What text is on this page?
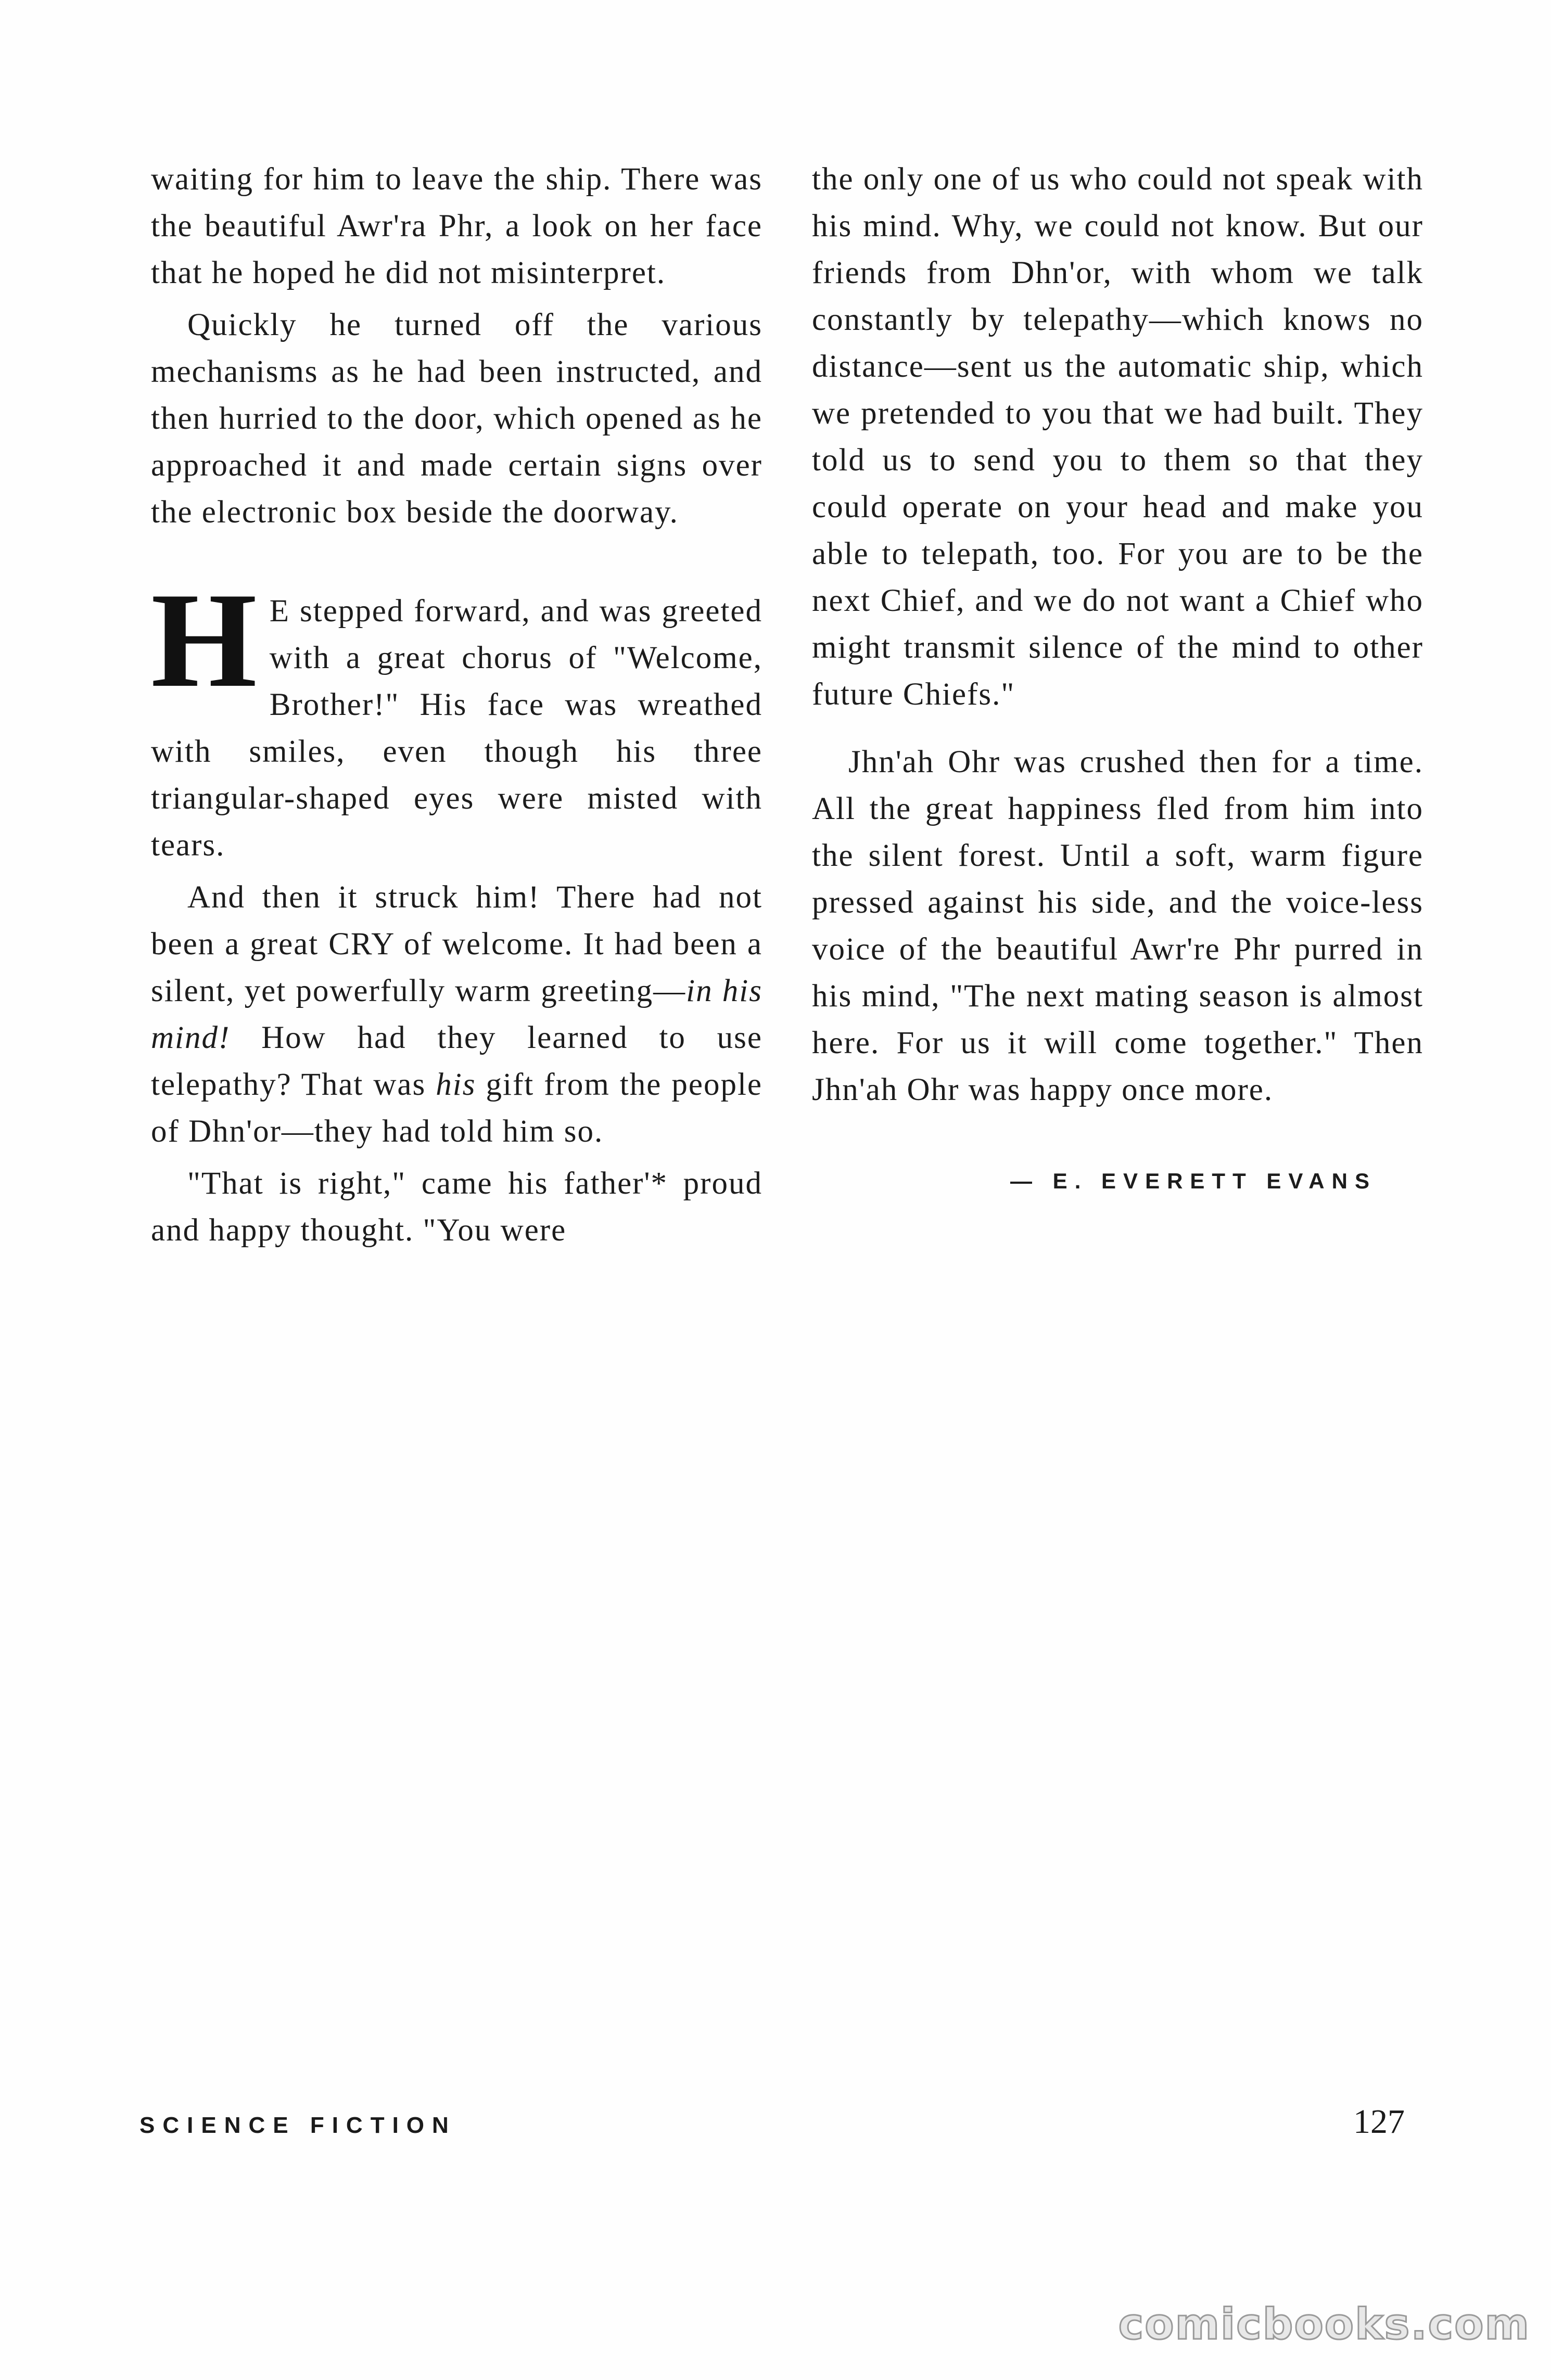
waiting for him to leave the ship. There was the beautiful Awr'ra Phr, a look on her face that he hoped he did not misinterpret.

Quickly he turned off the various mechanisms as he had been instructed, and then hurried to the door, which opened as he approached it and made certain signs over the electronic box beside the doorway.

H E stepped forward, and was greeted with a great chorus of "Welcome, Brother!" His face was wreathed with smiles, even though his three triangular-shaped eyes were misted with tears.

And then it struck him! There had not been a great CRY of welcome. It had been a silent, yet powerfully warm greeting—in his mind! How had they learned to use telepathy? That was his gift from the people of Dhn'or—they had told him so.

"That is right," came his father'* proud and happy thought. "You were

the only one of us who could not speak with his mind. Why, we could not know. But our friends from Dhn'or, with whom we talk constantly by telepathy—which knows no distance—sent us the automatic ship, which we pretended to you that we had built. They told us to send you to them so that they could operate on your head and make you able to telepath, too. For you are to be the next Chief, and we do not want a Chief who might transmit silence of the mind to other future Chiefs."

Jhn'ah Ohr was crushed then for a time. All the great happiness fled from him into the silent forest. Until a soft, warm figure pressed against his side, and the voice-less voice of the beautiful Awr're Phr purred in his mind, "The next mating season is almost here. For us it will come together." Then Jhn'ah Ohr was happy once more.

— E. EVERETT EVANS
SCIENCE FICTION	127
comicbooks.com
